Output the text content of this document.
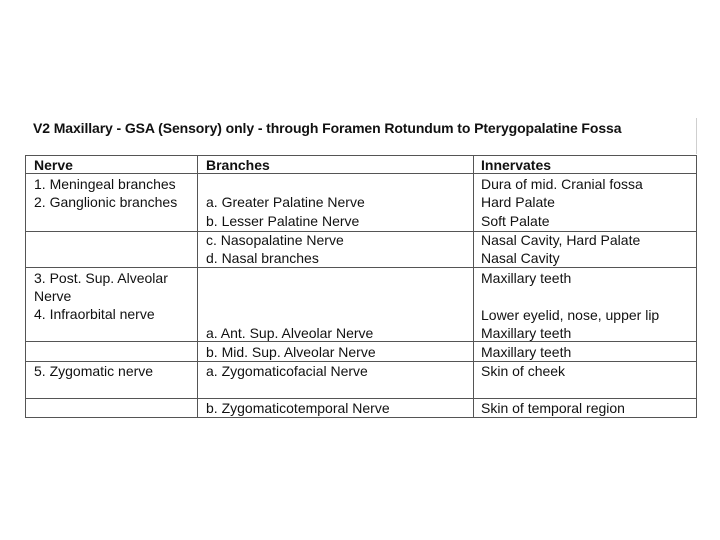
V2 Maxillary - GSA (Sensory) only - through Foramen Rotundum to Pterygopalatine Fossa
Nerve	Branches	Innervates
1. Meningeal branches
2. Ganglionic branches
3. Post. Sup. Alveolar
Nerve
4. Infraorbital nerve
5. Zygomatic nerve
a. Greater Palatine Nerve
b. Lesser Palatine Nerve
c. Nasopalatine Nerve
d. Nasal branches
a. Ant. Sup. Alveolar Nerve
b. Mid. Sup. Alveolar Nerve
a. Zygomaticofacial Nerve
b. Zygomaticotemporal Nerve
Dura of mid. Cranial fossa
Hard Palate
Soft Palate
Nasal Cavity, Hard Palate
Nasal Cavity
Maxillary teeth
Lower eyelid, nose, upper lip
Maxillary teeth
Maxillary teeth
Skin of cheek
Skin of temporal region
